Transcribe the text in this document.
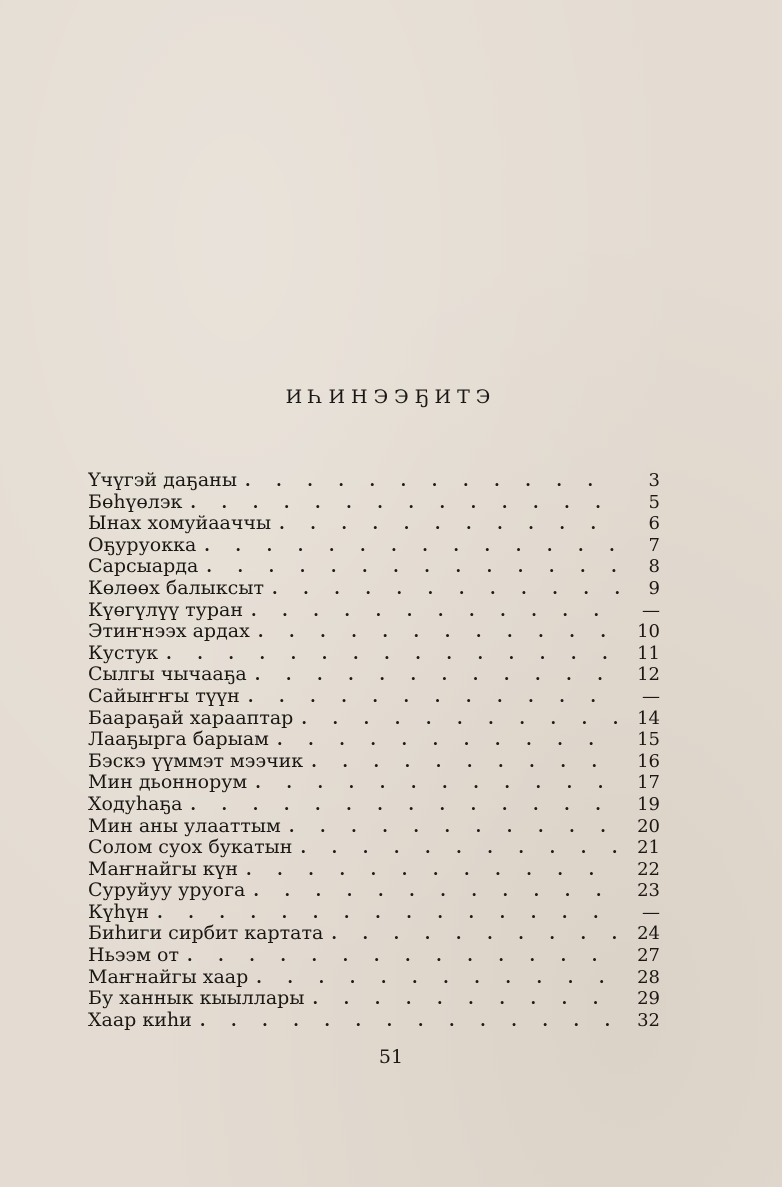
ИҺИНЭЭҔИТЭ
Үчүгэй даҕаны . . .	3
Бөһүөлэк . . .	5
Ынах хомуйааччы . . .	6
Оҕуруокка . . .	7
Сарсыарда . . .	8
Көлөөх балыксыт . . .	9
Күөгүлүү туран . . .	—
Этиҥнээх ардах . . .	10
Кустук . . .	11
Сылгы чычааҕа . . .	12
Сайыҥҥы түүн . . .	—
Баараҕай харааптар . . .	14
Лааҕырга барыам . . .	15
Бэскэ үүммэт мээчик . . .	16
Мин дьоннорум . . .	17
Ходуһаҕа . . .	19
Мин аны улааттым . . .	20
Солом суох букатын . . .	21
Маҥнайгы күн . . .	22
Суруйуу уруога . . .	23
Күһүн . . .	—
Биһиги сирбит картата . . .	24
Ньээм от . . .	27
Маҥнайгы хаар . . .	28
Бу ханнык кыыллары . . .	29
Хаар киһи . . .	32
51
